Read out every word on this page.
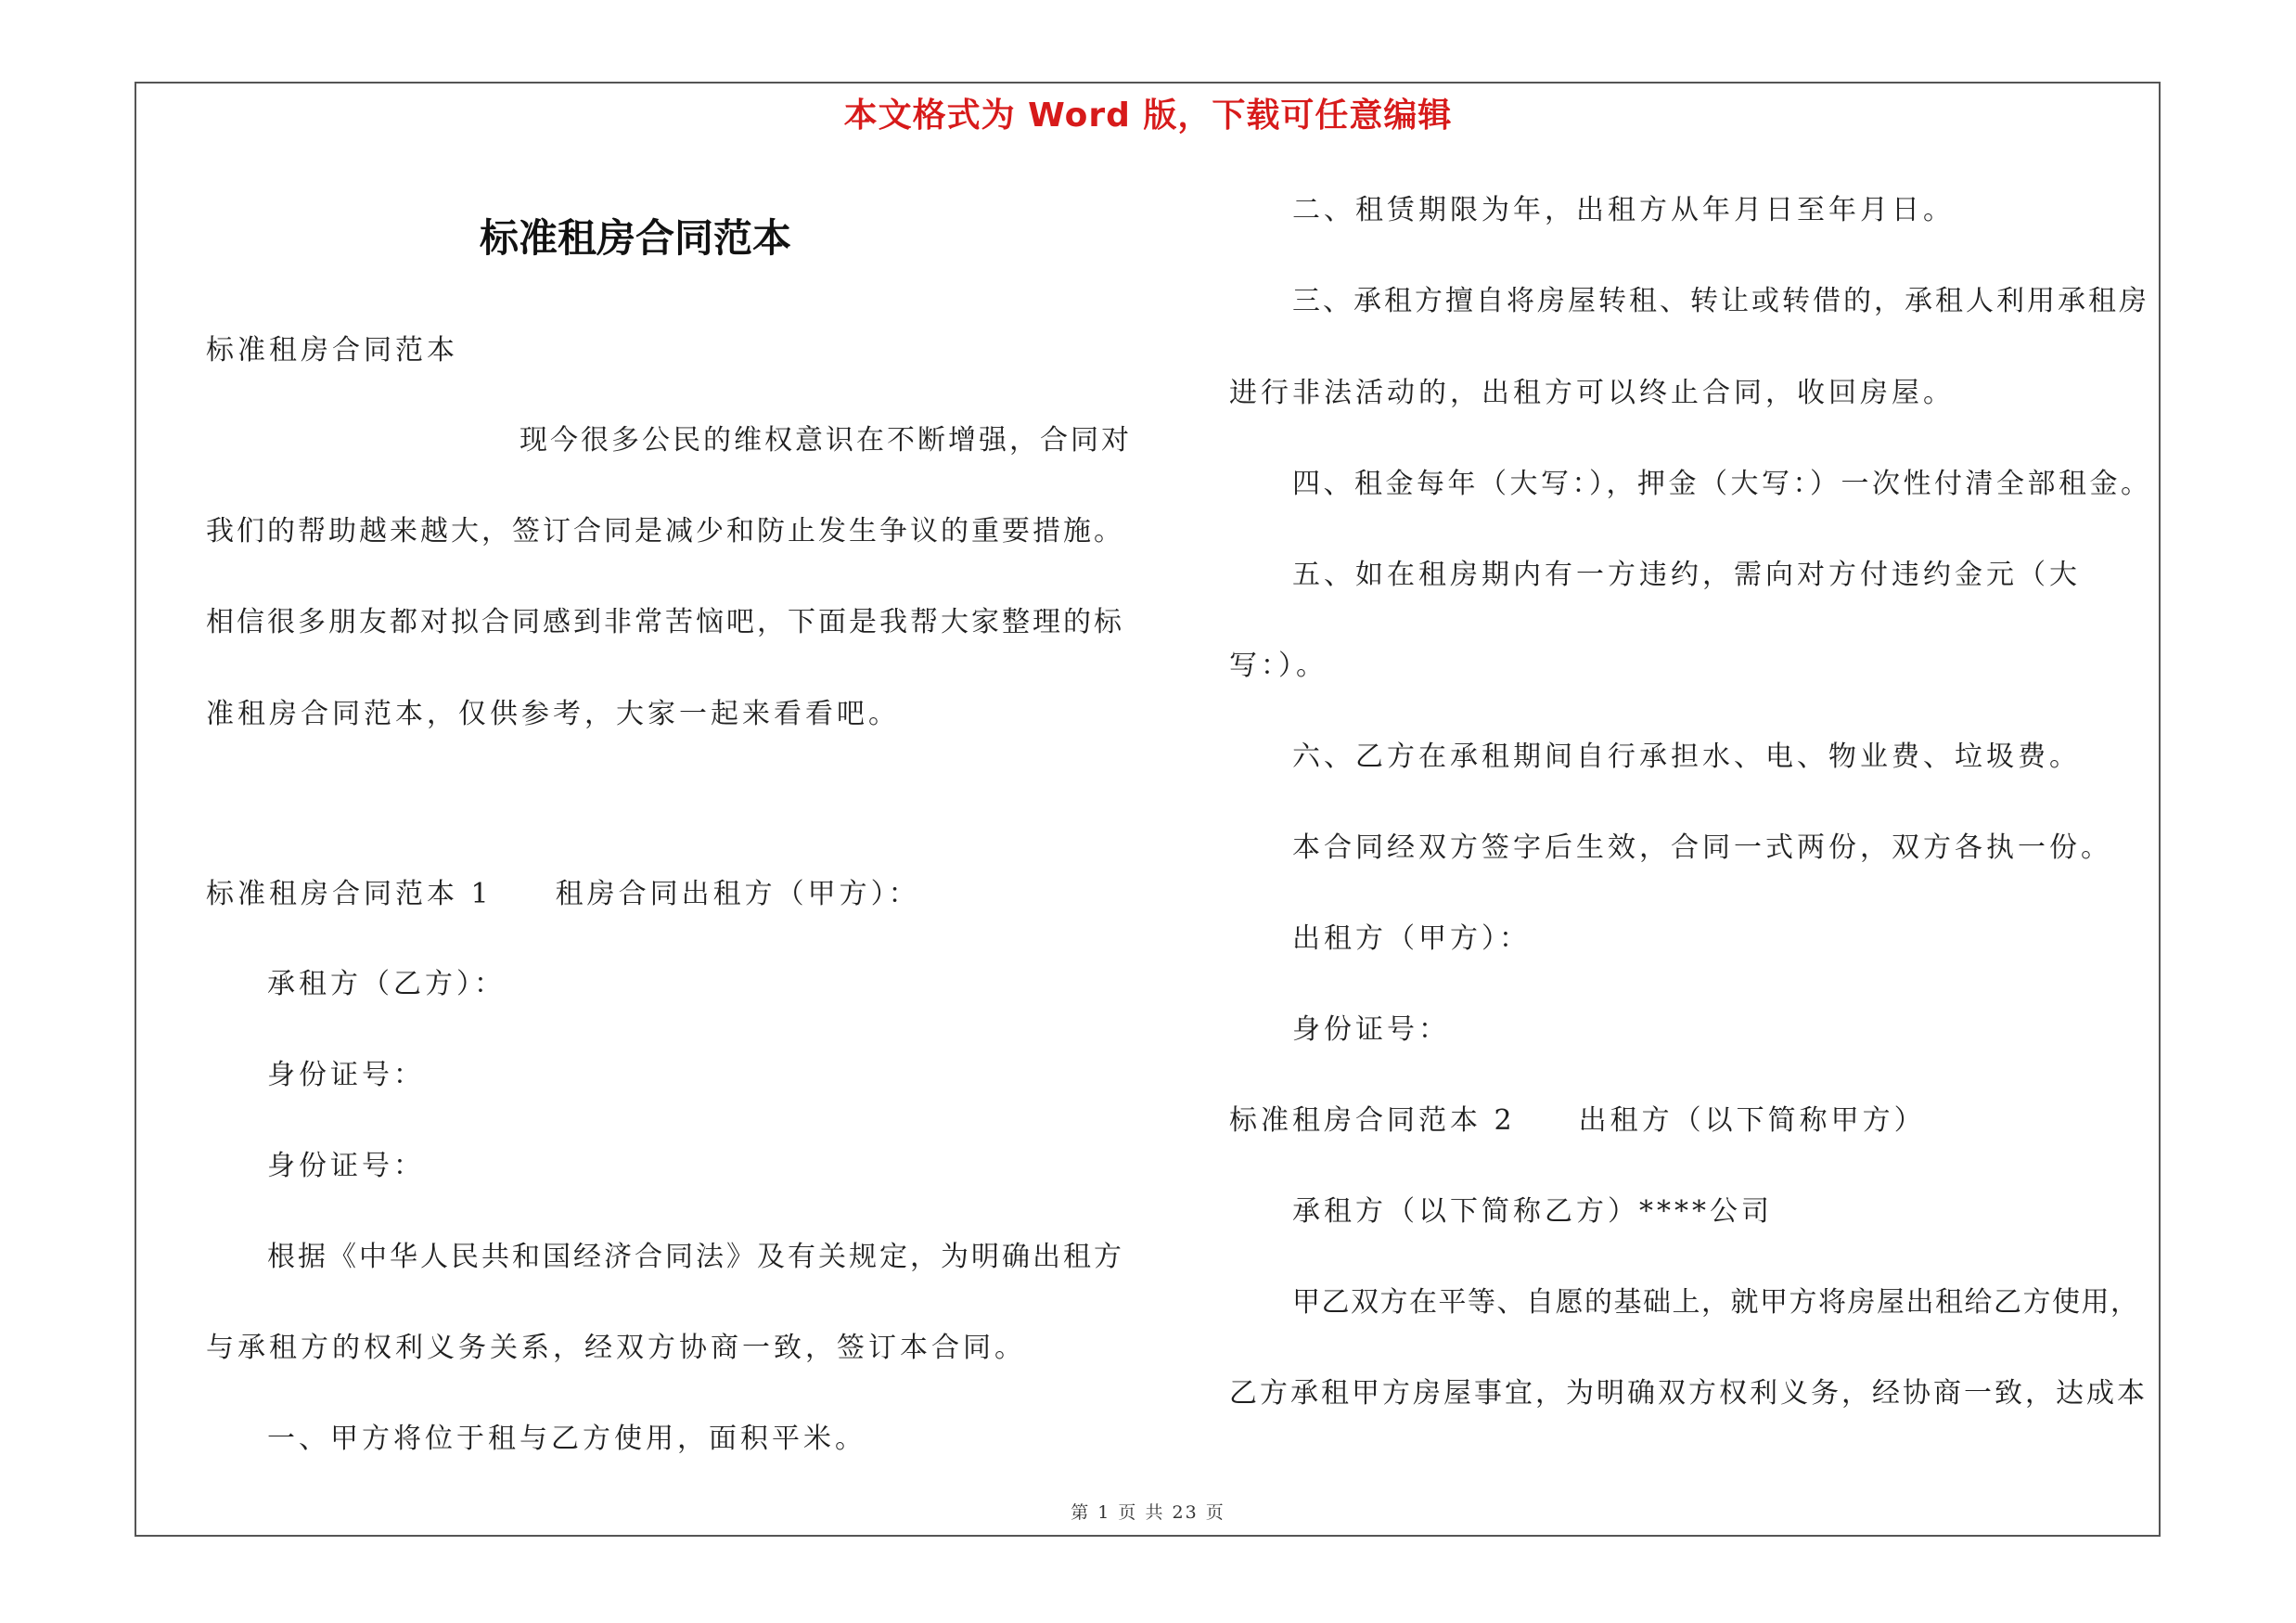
本文格式为 Word 版，下载可任意编辑
标准租房合同范本
标准租房合同范本
现今很多公民的维权意识在不断增强，合同对
我们的帮助越来越大，签订合同是减少和防止发生争议的重要措施。
相信很多朋友都对拟合同感到非常苦恼吧，下面是我帮大家整理的标
准租房合同范本，仅供参考，大家一起来看看吧。
标准租房合同范本 1　　租房合同出租方（甲方）：
承租方（乙方）：
身份证号：
身份证号：
根据《中华人民共和国经济合同法》及有关规定，为明确出租方
与承租方的权利义务关系，经双方协商一致，签订本合同。
一、甲方将位于租与乙方使用，面积平米。
二、租赁期限为年，出租方从年月日至年月日。
三、承租方擅自将房屋转租、转让或转借的，承租人利用承租房
进行非法活动的，出租方可以终止合同，收回房屋。
四、租金每年（大写：），押金（大写：）一次性付清全部租金。
五、如在租房期内有一方违约，需向对方付违约金元（大
写：）。
六、乙方在承租期间自行承担水、电、物业费、垃圾费。
本合同经双方签字后生效，合同一式两份，双方各执一份。
出租方（甲方）：
身份证号：
标准租房合同范本 2　　出租方（以下简称甲方）
承租方（以下简称乙方）****公司
甲乙双方在平等、自愿的基础上，就甲方将房屋出租给乙方使用，
乙方承租甲方房屋事宜，为明确双方权利义务，经协商一致，达成本
第 1 页 共 23 页
